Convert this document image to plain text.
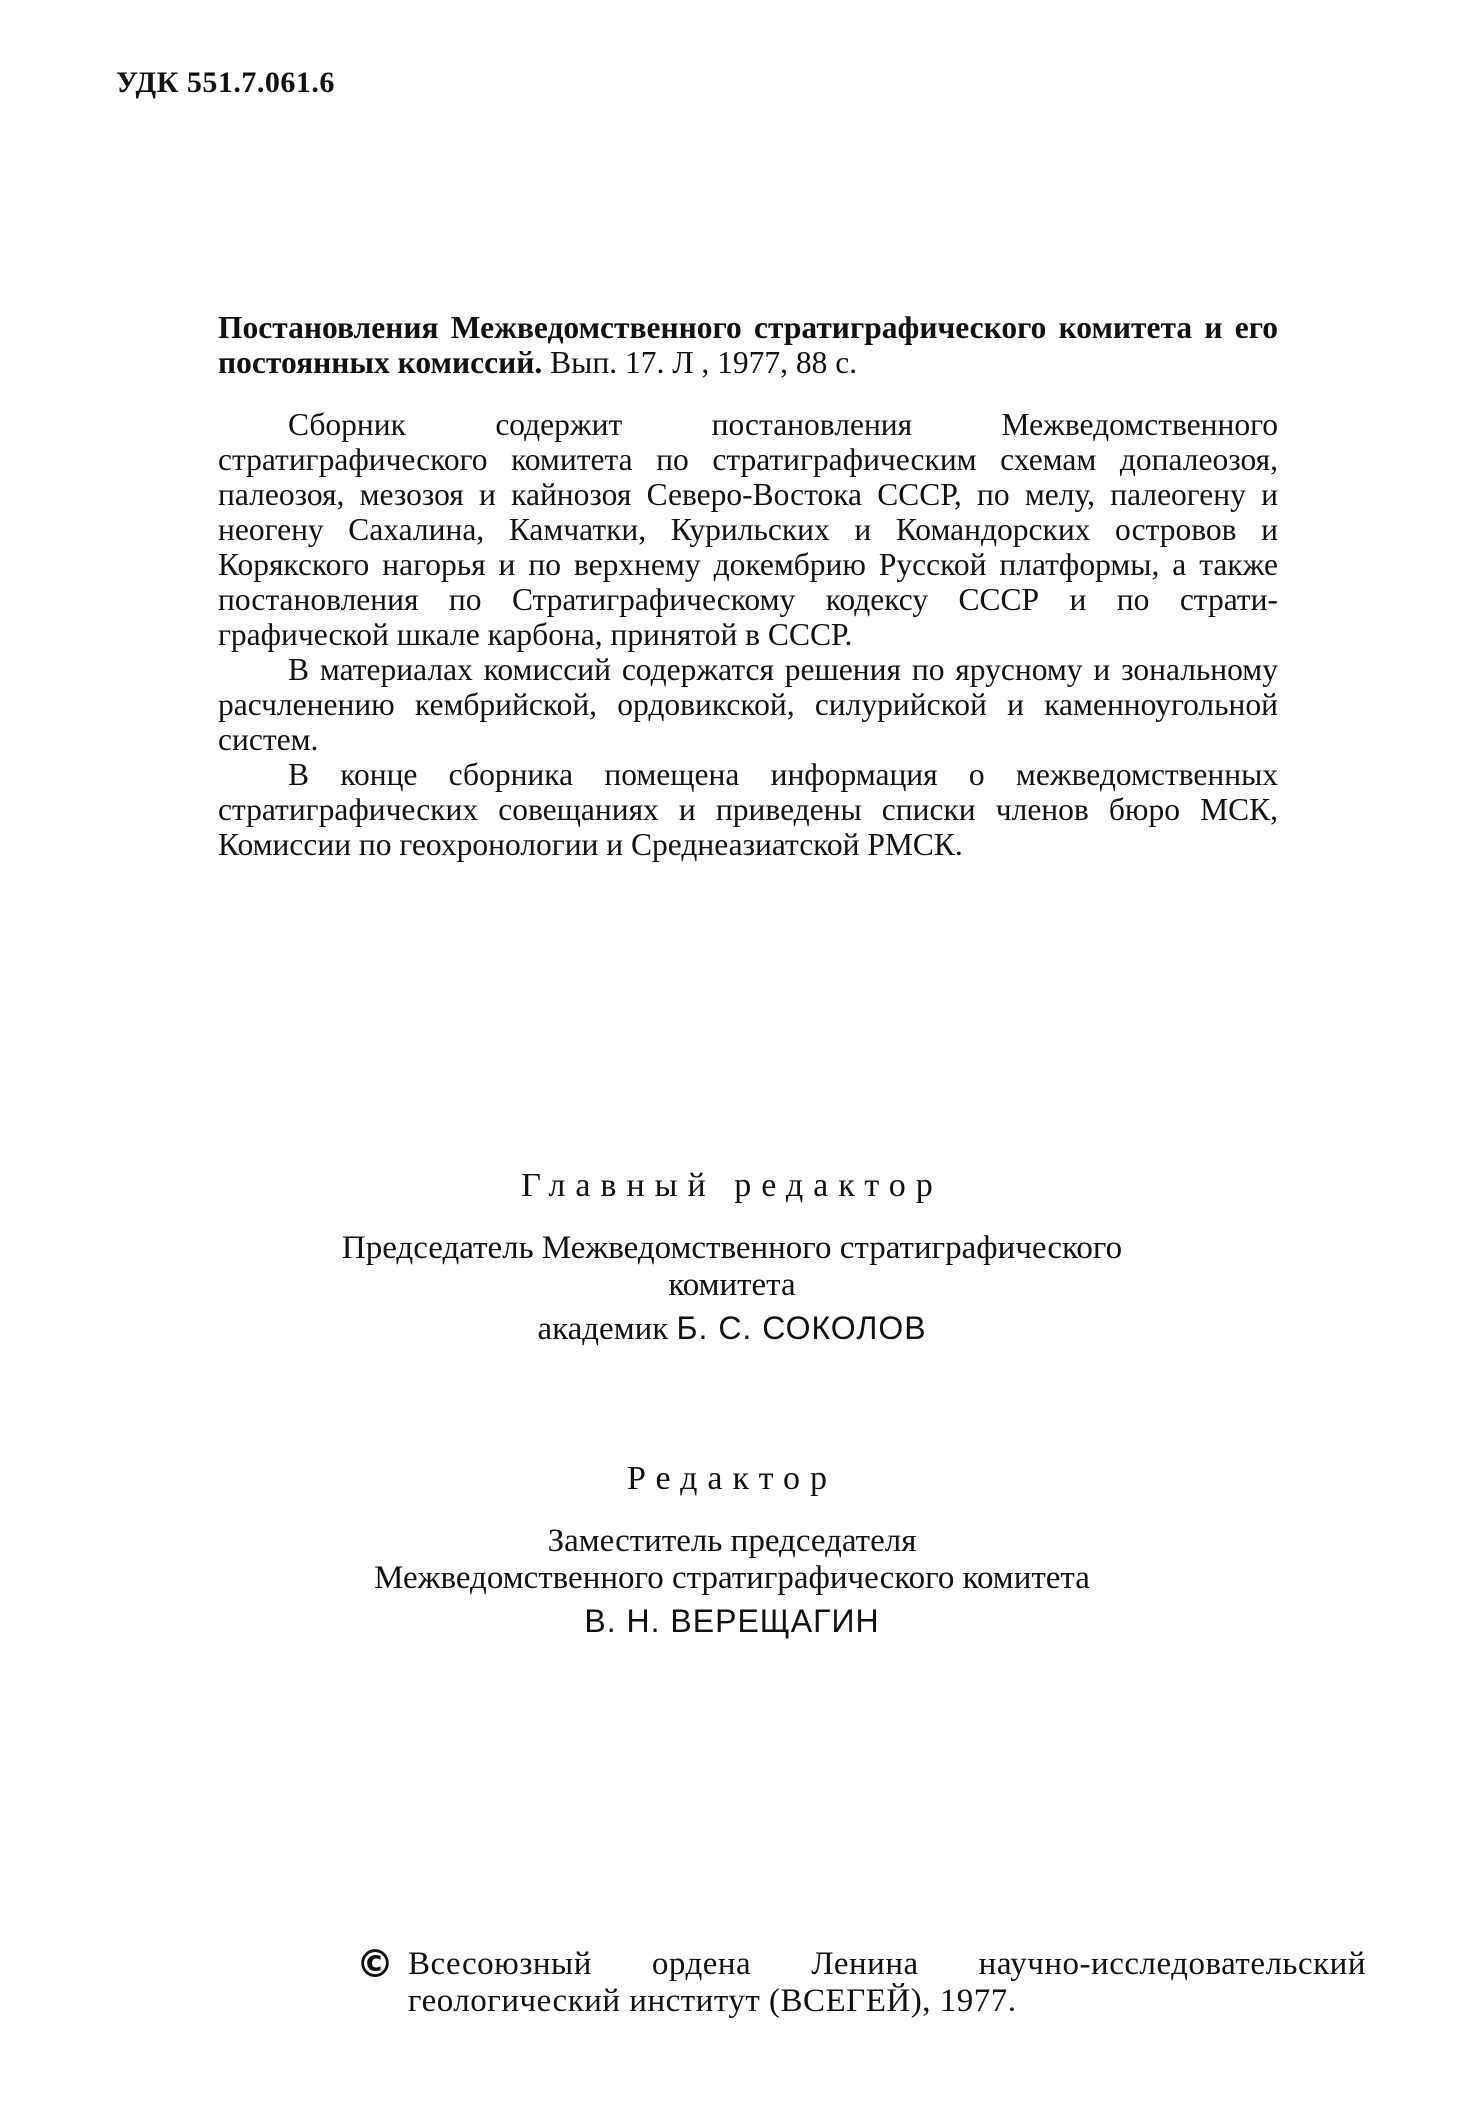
УДК 551.7.061.6

Постановления Межведомственного стратиграфического комитета и его постоянных комиссий. Вып. 17. Л , 1977, 88 с.

Сборник содержит постановления Межведомственного стратиграфического комитета по стратиграфическим схемам допалеозоя, палеозоя, мезозоя и кайнозоя Северо-Востока СССР, по мелу, палеогену и неогену Сахалина, Камчатки, Курильских и Командорских островов и Корякского нагорья и по верхнему докембрию Русской платформы, а также постановления по Стратиграфическому кодексу СССР и по стратиграфической шкале карбона, принятой в СССР.

В материалах комиссий содержатся решения по ярусному и зональному расчленению кембрийской, ордовикской, силурийской и каменноугольной систем.

В конце сборника помещена информация о межведомственных стратиграфических совещаниях и приведены списки членов бюро МСК, Комиссии по геохронологии и Среднеазиатской РМСК.

Главный редактор
Председатель Межведомственного стратиграфического
комитета
академик Б. С. СОКОЛОВ
Редактор
Заместитель председателя
Межведомственного стратиграфического комитета
В. Н. ВЕРЕЩАГИН
© Всесоюзный ордена Ленина научно-исследовательский геологический институт (ВСЕГЕЙ), 1977.
